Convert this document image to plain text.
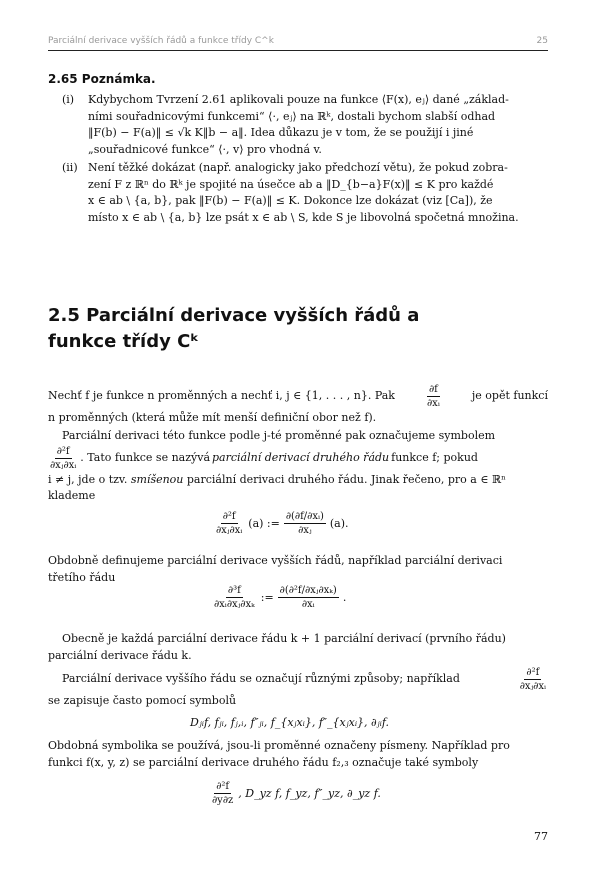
Parciální derivace vyšších řádů a funkce třídy C^k	25
2.65 Poznámka.
(i) Kdybychom Tvrzení 2.61 aplikovali pouze na funkce ⟨F(x), eⱼ⟩ dané „základ-
ními souřadnicovými funkcemi“ ⟨·, eⱼ⟩ na ℝᵏ, dostali bychom slabší odhad
‖F(b) − F(a)‖ ≤ √k K‖b − a‖. Idea důkazu je v tom, že se použijí i jiné
„souřadnicové funkce“ ⟨·, v⟩ pro vhodná v.
(ii) Není těžké dokázat (např. analogicky jako předchozí větu), že pokud zobra-
zení F z ℝⁿ do ℝᵏ je spojité na úsečce ab a ‖D_{b−a}F(x)‖ ≤ K pro každé
x ∈ ab \ {a, b}, pak ‖F(b) − F(a)‖ ≤ K. Dokonce lze dokázat (viz [Ca]), že
místo x ∈ ab \ {a, b} lze psát x ∈ ab \ S, kde S je libovolná spočetná množina.
2.5 Parciální derivace vyšších řádů a
funkce třídy Cᵏ
Nechť f je funkce n proměnných a nechť i, j ∈ {1, . . . , n}. Pak	$\frac{\partial f}{\text{∂xᵢ}}$	je opět funkcí
n proměnných (která může mít menší definiční obor než f).
Parciální derivaci této funkce podle j-té proměnné pak označujeme symbolem
$\frac{\text{∂²f}}{\text{∂xⱼ∂xᵢ}}$ . Tato funkce se nazývá parciální derivací druhého řádu funkce f; pokud
i ≠ j, jde o tzv. smíšenou parciální derivaci druhého řádu. Jinak řečeno, pro a ∈ ℝⁿ
klademe
$\frac{\text{∂²f}}{\text{∂xⱼ∂xᵢ}} (a)$ := $\frac{\text{∂(∂f/∂xᵢ)}}{\text{∂xⱼ}} (a)$.
Obdobně definujeme parciální derivace vyšších řádů, například parciální derivaci
třetího řádu
$\frac{\text{∂³f}}{\text{∂xᵢ∂xⱼ∂xₖ}}$ := $\frac{\text{∂(∂²f/∂xⱼ∂xₖ)}}{\text{∂xᵢ}}$ .
Obecně je každá parciální derivace řádu k + 1 parciální derivací (prvního řádu)
parciální derivace řádu k.
Parciální derivace vyššího řádu se označují různými způsoby; například	$\frac{\text{∂²f}}{\text{∂xⱼ∂xᵢ}}$
se zapisuje často pomocí symbolů
Dⱼᵢf, fⱼᵢ, fⱼ,ᵢ, f″ⱼᵢ, f_{xⱼxᵢ}, f″_{xⱼxᵢ}, ∂ⱼᵢf.
Obdobná symbolika se používá, jsou-li proměnné označeny písmeny. Například pro
funkci f(x, y, z) se parciální derivace druhého řádu f₂,₃ označuje také symboly
$\frac{\text{∂²f}}{\partial y\partial z}$ , D_yz f, f_yz, f″_yz, ∂_yz f.
77
